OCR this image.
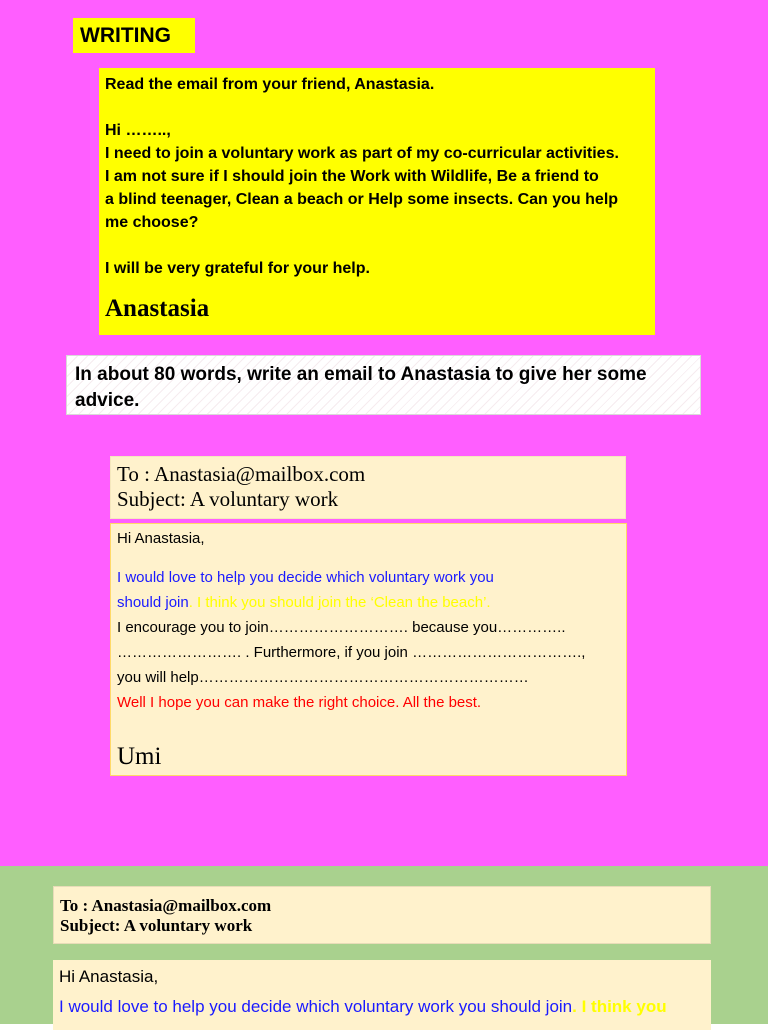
WRITING
Read the email from your friend, Anastasia.
Hi ……..,
I need to join a voluntary work as part of my co-curricular activities.
I am not sure if I should join the Work with Wildlife, Be a friend to
a blind teenager, Clean a beach or Help some insects. Can you help
me choose?
I will be very grateful for your help.
Anastasia
In about 80 words, write an email to Anastasia to give her some advice.
To : Anastasia@mailbox.com
Subject: A voluntary work
Hi Anastasia,
I would love to help you decide which voluntary work you
should join. I think you should join the ‘Clean the beach’.
I encourage you to join………………………. because you…………..
……………………. . Furthermore, if you join …………………………….,
you will help…………………………………………………………
Well I hope you can make the right choice. All the best.
Umi
To : Anastasia@mailbox.com
Subject: A voluntary work
Hi Anastasia,
I would love to help you decide which voluntary work you should join. I think you
